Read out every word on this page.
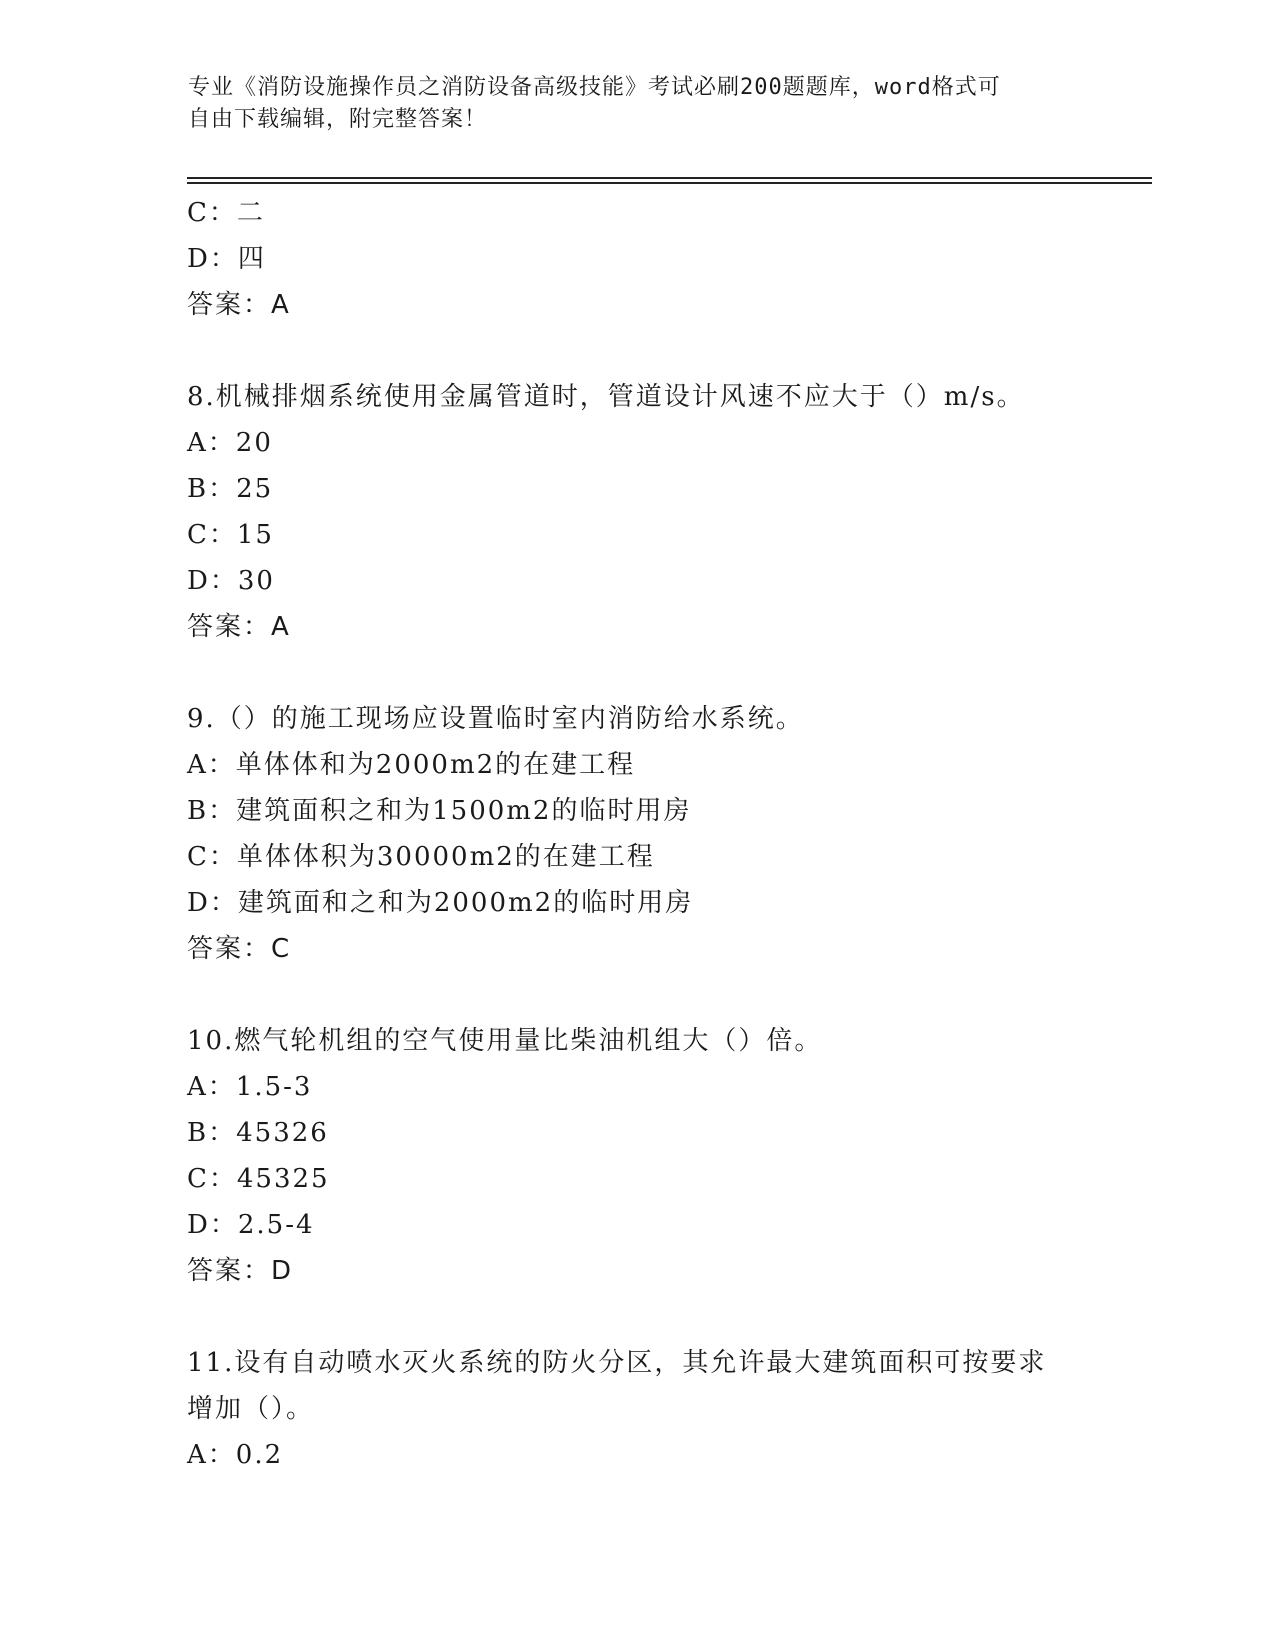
专业《消防设施操作员之消防设备高级技能》考试必刷200题题库，word格式可
自由下载编辑，附完整答案！
C：二
D：四
答案：A
8.机械排烟系统使用金属管道时，管道设计风速不应大于（）m/s。
A：20
B：25
C：15
D：30
答案：A
9.（）的施工现场应设置临时室内消防给水系统。
A：单体体和为2000m2的在建工程
B：建筑面积之和为1500m2的临时用房
C：单体体积为30000m2的在建工程
D：建筑面和之和为2000m2的临时用房
答案：C
10.燃气轮机组的空气使用量比柴油机组大（）倍。
A：1.5-3
B：45326
C：45325
D：2.5-4
答案：D
11.设有自动喷水灭火系统的防火分区，其允许最大建筑面积可按要求
增加（）。
A：0.2
